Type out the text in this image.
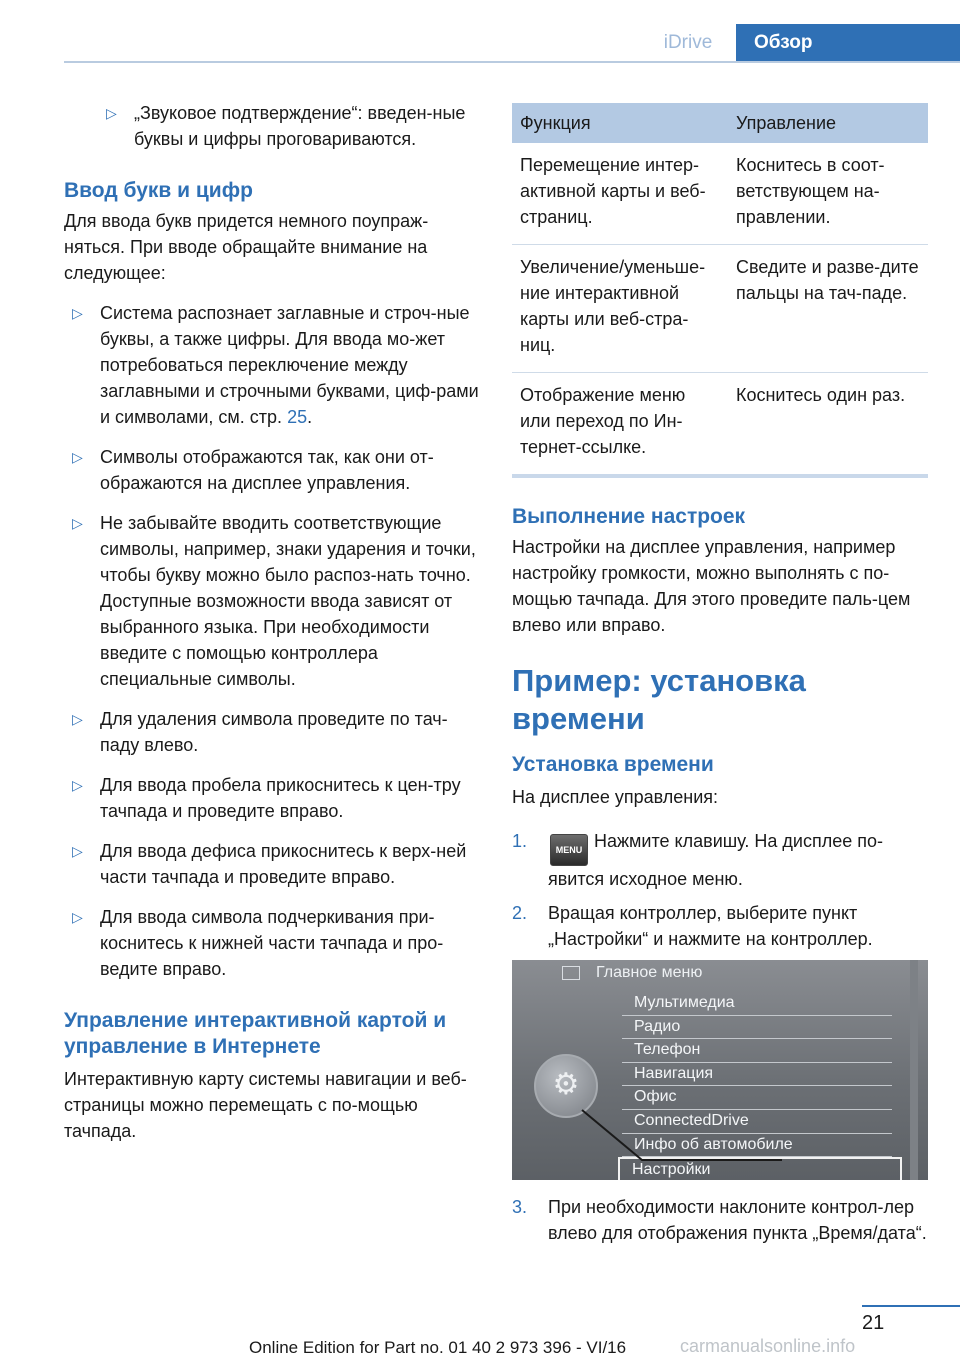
iDrive	Обзор
▷ „Звуковое подтверждение“: введен-ные буквы и цифры проговариваются.

Ввод букв и цифр

Для ввода букв придется немного поупраж-няться. При вводе обращайте внимание на следующее:

▷ Система распознает заглавные и строч-ные буквы, а также цифры. Для ввода мо-жет потребоваться переключение между заглавными и строчными буквами, циф-рами и символами, см. стр. 25.
▷ Символы отображаются так, как они от-ображаются на дисплее управления.
▷ Не забывайте вводить соответствующие символы, например, знаки ударения и точки, чтобы букву можно было распоз-нать точно. Доступные возможности ввода зависят от выбранного языка. При необходимости введите с помощью контроллера специальные символы.
▷ Для удаления символа проведите по тач-паду влево.
▷ Для ввода пробела прикоснитесь к цен-тру тачпада и проведите вправо.
▷ Для ввода дефиса прикоснитесь к верх-ней части тачпада и проведите вправо.
▷ Для ввода символа подчеркивания при-коснитесь к нижней части тачпада и про-ведите вправо.

Управление интерактивной картой и управление в Интернете

Интерактивную карту системы навигации и веб-страницы можно перемещать с по-мощью тачпада.

Функция	Управление
Перемещение интер-активной карты и веб-страниц.	Коснитесь в соот-ветствующем на-правлении.
Увеличение/уменьше-ние интерактивной карты или веб-стра-ниц.	Сведите и разве-дите пальцы на тач-паде.
Отображение меню или переход по Ин-тернет-ссылке.	Коснитесь один раз.

Выполнение настроек

Настройки на дисплее управления, например настройку громкости, можно выполнять с по-мощью тачпада. Для этого проведите паль-цем влево или вправо.

Пример: установка времени

Установка времени

На дисплее управления:

1.	MENU Нажмите клавишу. На дисплее по-явится исходное меню.
2. Вращая контроллер, выберите пункт „Настройки“ и нажмите на контроллер.
Главное меню
Мультимедиа
Радио
Телефон
Навигация
Офис
ConnectedDrive
Инфо об автомобиле
Настройки
⚙
3. При необходимости наклоните контрол-лер влево для отображения пункта „Время/дата“.
21
Online Edition for Part no. 01 40 2 973 396 - VI/16	carmanualsonline.info
